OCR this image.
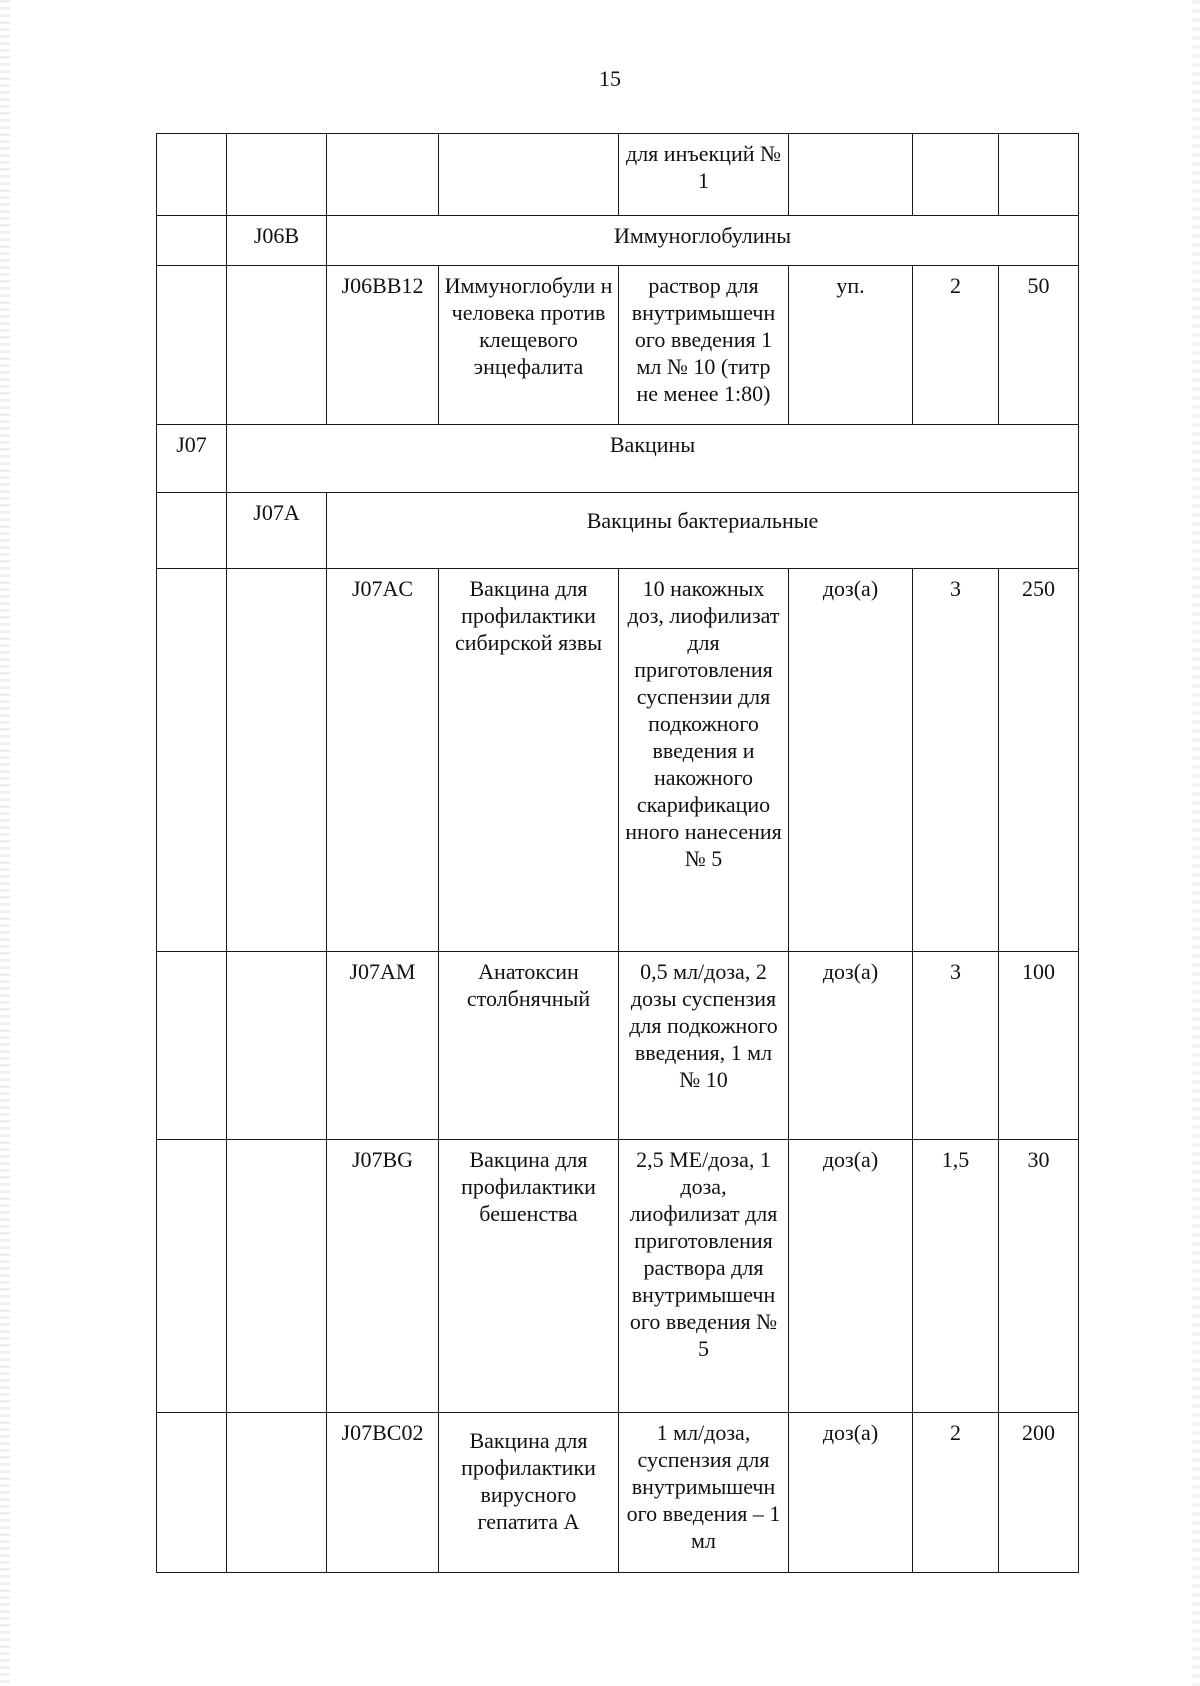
15
				для инъекций № 1			
	J06B	Иммуноглобулины					
		J06BB12	Иммуноглобули н человека против клещевого энцефалита	раствор для внутримышечн ого введения 1 мл № 10 (титр не менее 1:80)	уп.	2	50
J07	Вакцины						
	J07A	Вакцины бактериальные					
		J07AC	Вакцина для профилактики сибирской язвы	10 накожных доз, лиофилизат для приготовления суспензии для подкожного введения и накожного скарификацио нного нанесения № 5	доз(а)	3	250
		J07AM	Анатоксин столбнячный	0,5 мл/доза, 2 дозы суспензия для подкожного введения, 1 мл № 10	доз(а)	3	100
		J07BG	Вакцина для профилактики бешенства	2,5 МЕ/доза, 1 доза, лиофилизат для приготовления раствора для внутримышечн ого введения № 5	доз(а)	1,5	30
		J07BC02	Вакцина для профилактики вирусного гепатита А	1 мл/доза, суспензия для внутримышечн ого введения – 1 мл	доз(а)	2	200
